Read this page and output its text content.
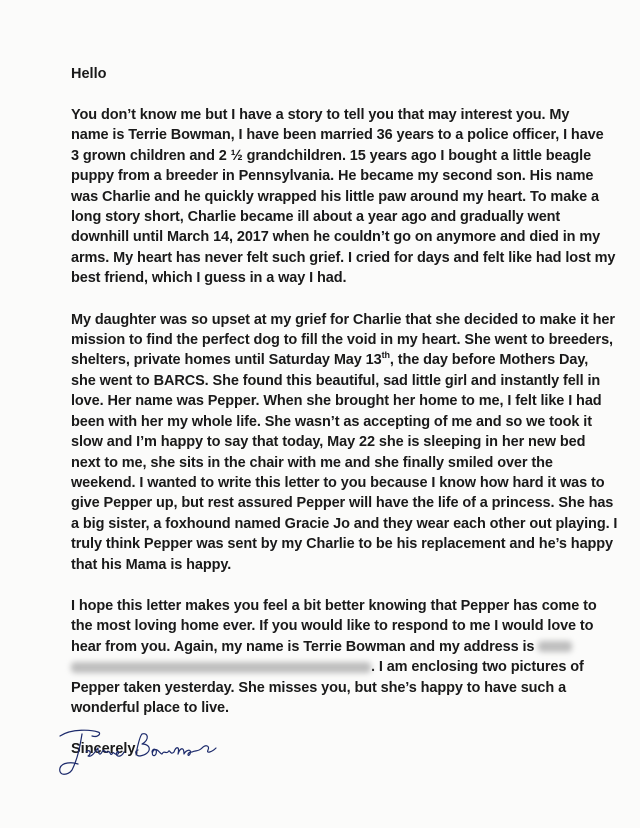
Hello

You don’t know me but I have a story to tell you that may interest you. My
name is Terrie Bowman, I have been married 36 years to a police officer, I have
3 grown children and 2 ½ grandchildren. 15 years ago I bought a little beagle
puppy from a breeder in Pennsylvania. He became my second son. His name
was Charlie and he quickly wrapped his little paw around my heart. To make a
long story short, Charlie became ill about a year ago and gradually went
downhill until March 14, 2017 when he couldn’t go on anymore and died in my
arms. My heart has never felt such grief. I cried for days and felt like had lost my
best friend, which I guess in a way I had.
My daughter was so upset at my grief for Charlie that she decided to make it her
mission to find the perfect dog to fill the void in my heart. She went to breeders,
shelters, private homes until Saturday May 13th, the day before Mothers Day,
she went to BARCS. She found this beautiful, sad little girl and instantly fell in
love. Her name was Pepper. When she brought her home to me, I felt like I had
been with her my whole life. She wasn’t as accepting of me and so we took it
slow and I’m happy to say that today, May 22 she is sleeping in her new bed
next to me, she sits in the chair with me and she finally smiled over the
weekend. I wanted to write this letter to you because I know how hard it was to
give Pepper up, but rest assured Pepper will have the life of a princess. She has
a big sister, a foxhound named Gracie Jo and they wear each other out playing. I
truly think Pepper was sent by my Charlie to be his replacement and he’s happy
that his Mama is happy.
I hope this letter makes you feel a bit better knowing that Pepper has come to
the most loving home ever. If you would like to respond to me I would love to
hear from you. Again, my name is Terrie Bowman and my address is
. I am enclosing two pictures of
Pepper taken yesterday. She misses you, but she’s happy to have such a
wonderful place to live.

Sincerely,
